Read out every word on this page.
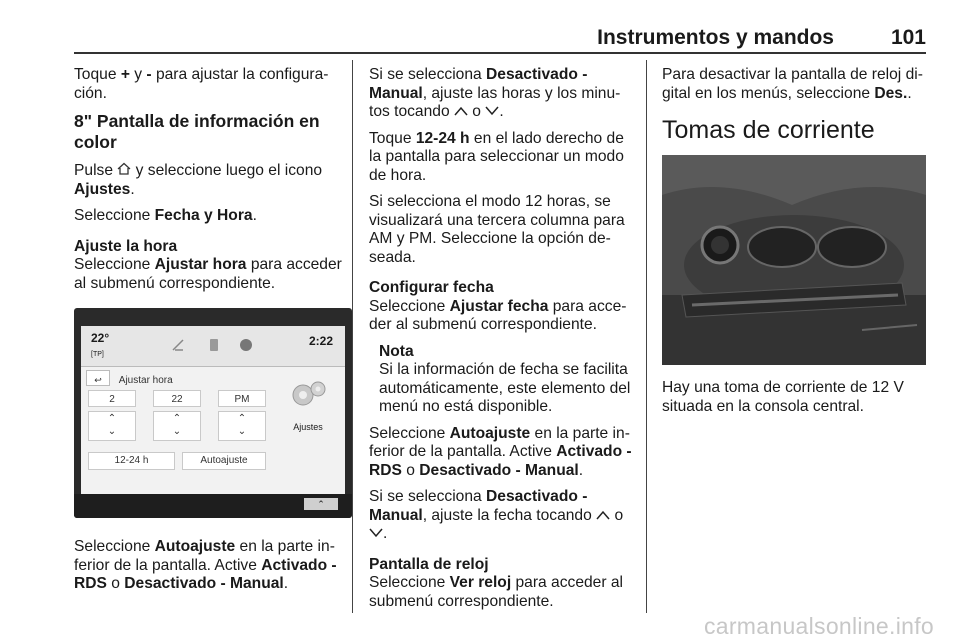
Instrumentos y mandos	101

Toque + y - para ajustar la configura-ción.

8" Pantalla de información en color

Pulse  y seleccione luego el icono Ajustes.

Seleccione Fecha y Hora.

Ajuste la hora

Seleccione Ajustar hora para acceder al submenú correspondiente.

22°
[TP]
2:22
↩ Ajustar hora
2	22	PM
⌃
⌄
⌃
⌄
⌃
⌄
12-24 h	Autoajuste
Ajustes
⌃

Seleccione Autoajuste en la parte in-ferior de la pantalla. Active Activado - RDS o Desactivado - Manual.

Si se selecciona Desactivado - Manual, ajuste las horas y los minu-tos tocando  o .

Toque 12-24 h en el lado derecho de la pantalla para seleccionar un modo de hora.

Si selecciona el modo 12 horas, se visualizará una tercera columna para AM y PM. Seleccione la opción de-seada.

Configurar fecha

Seleccione Ajustar fecha para acce-der al submenú correspondiente.

Nota
Si la información de fecha se facilita automáticamente, este elemento del menú no está disponible.

Seleccione Autoajuste en la parte in-ferior de la pantalla. Active Activado - RDS o Desactivado - Manual.

Si se selecciona Desactivado - Manual, ajuste la fecha tocando  o
.

Pantalla de reloj

Seleccione Ver reloj para acceder al submenú correspondiente.

Para desactivar la pantalla de reloj di-gital en los menús, seleccione Des..

Tomas de corriente

Hay una toma de corriente de 12 V situada en la consola central.

carmanualsonline.info
